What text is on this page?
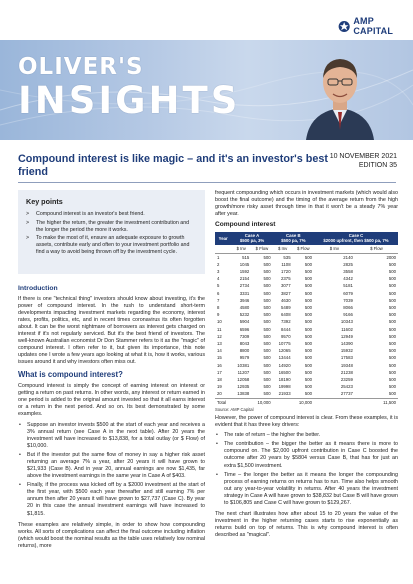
AMP CAPITAL
OLIVER'S
INSIGHTS
Compound interest is like magic – and it's an investor's best friend
10 NOVEMBER 2021
EDITION 35
Key points
>	Compound interest is an investor's best friend.
>	The higher the return, the greater the investment contribution and the longer the period the more it works.
>	To make the most of it, ensure an adequate exposure to growth assets, contribute early and often to your investment portfolio and find a way to avoid being thrown off by the investment cycle.
Introduction

If there is one "technical thing" investors should know about investing, it's the power of compound interest. In the rush to understand short-term developments impacting investment markets regarding the economy, interest rates, profits, politics, etc, and in recent times coronavirus its often forgotten about. It can be the worst nightmare of borrowers as interest gets charged on interest if it's not regularly serviced. But it's the best friend of investors. The well-known Australian economist Dr Don Stammer refers to it as the "magic" of compound interest. I often refer to it, but given its importance, this note updates one I wrote a few years ago looking at what it is, how it works, various issues around it and why investors often miss out.

What is compound interest?

Compound interest is simply the concept of earning interest on interest or getting a return on past returns. In other words, any interest or return earned in one period is added to the original amount invested so that it all earns interest or a return in the next period. And so on. Its best demonstrated by some examples.

• Suppose an investor invests $500 at the start of each year and receives a 3% annual return (see Case A in the next table). After 20 years the investment will have increased to $13,838, for a total outlay (or $ Flow) of $10,000.
• But if the investor put the same flow of money in say a higher risk asset returning an average 7% a year, after 20 years it will have grown to $21,933 (Case B). And in year 20, annual earnings are now $1,435, far above the investment earnings in the same year in Case A of $403.
• Finally, if the process was kicked off by a $2000 investment at the start of the first year, with $500 each year thereafter and still earning 7% per annum then after 20 years it will have grown to $27,737 (Case C). By year 20 in this case the annual investment earnings will have increased to $1,815.

These examples are relatively simple, in order to show how compounding works. All sorts of complications can affect the final outcome including inflation (which would boost the nominal results as the table uses relatively low nominal returns), more

frequent compounding which occurs in investment markets (which would also boost the final outcome) and the timing of the average return from the high growth/more risky asset through time in that it won't be a steady 7% year after year.

Compound interest
Year	Case A
$500 pa, 3%		Case B
$500 pa, 7%		Case C
$2000 upfront, then $500 pa, 7%	
	$ Inv	$ Flow	$ Inv	$ Flow	$ Inv	$ Flow
1	515	500	535	500	2140	2000
2	1045	500	1108	500	2825	500
3	1592	500	1720	500	3558	500
4	2154	500	2375	500	4342	500
5	2734	500	3077	500	5181	500
6	3331	500	3827	500	6079	500
7	3946	500	4630	500	7039	500
8	4580	500	5489	500	8066	500
9	5232	500	6408	500	9166	500
10	5904	500	7392	500	10343	500
11	6596	500	8444	500	11602	500
12	7309	500	9570	500	12949	500
13	8043	500	10775	500	14390	500
14	8800	500	12065	500	15932	500
15	9579	500	13444	500	17583	500
16	10381	500	14920	500	19348	500
17	11207	500	16500	500	21238	500
18	12058	500	18190	500	23259	500
19	12935	500	19998	500	25423	500
20	13838	500	21933	500	27737	500
Total		10,000		10,000		11,500
Source: AMP Capital

However, the power of compound interest is clear. From these examples, it is evident that it has three key drivers:

• The rate of return – the higher the better.
• The contribution – the bigger the better as it means there is more to compound on. The $2,000 upfront contribution in Case C boosted the outcome after 20 years by $5804 versus Case B, that has for just an extra $1,500 investment.
• Time – the longer the better as it means the longer the compounding process of earning returns on returns has to run. Time also helps smooth out any year-to-year volatility in returns. After 40 years the investment strategy in Case A will have grown to $38,832 but Case B will have grown to $106,805 and Case C will have grown to $129,267.

The next chart illustrates how after about 15 to 20 years the value of the investment in the higher returning cases starts to rise exponentially as returns build on top of returns. This is why compound interest is often described as "magical".
